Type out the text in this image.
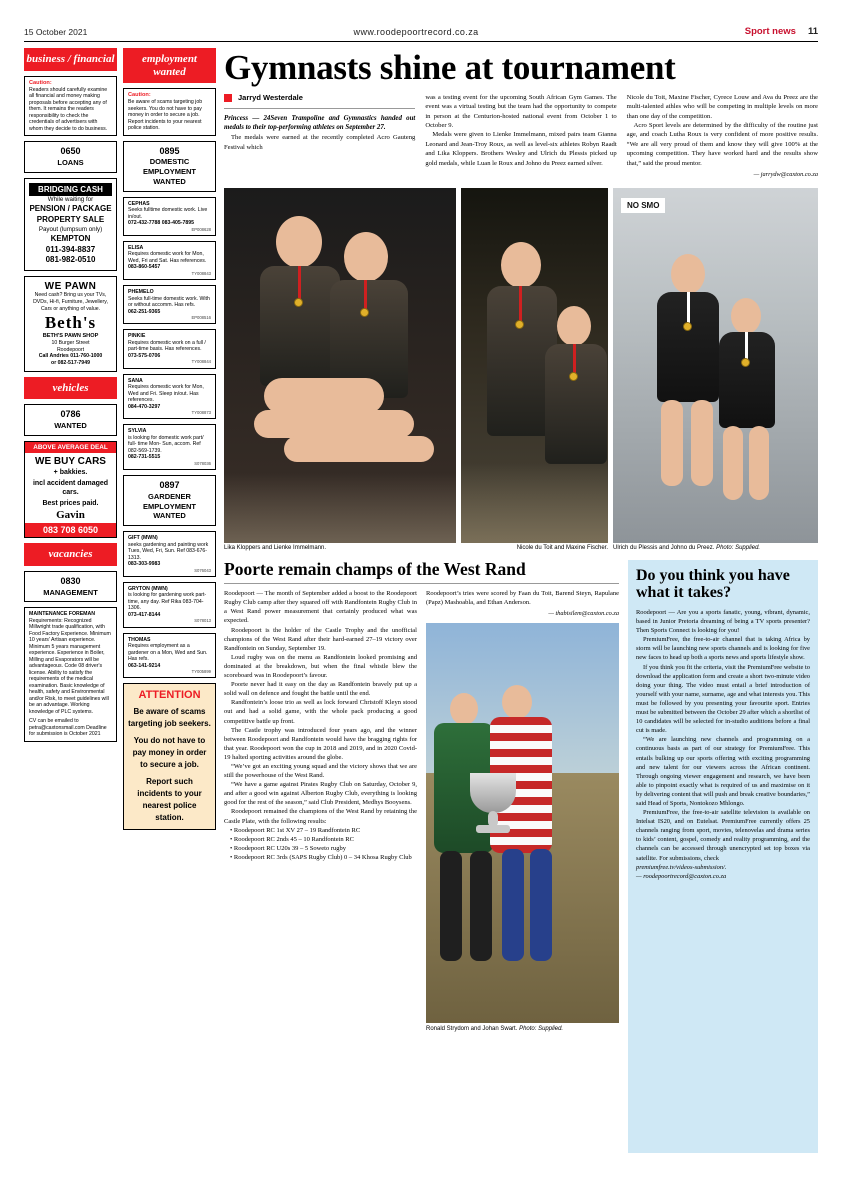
15 October 2021	www.roodepoortrecord.co.za	Sport news 11
business / financial
Caution:
Readers should carefully examine all financial and money making proposals before accepting any of them. It remains the readers responsibility to check the credentials of advertisers with whom they decide to do business.
0650
LOANS
BRIDGING CASH
While waiting for
PENSION / PACKAGE PROPERTY SALE
Payout (lumpsum only)
KEMPTON
011-394-8837
081-982-0510
WE PAWN
Need cash? Bring us your TVs, DVDs, Hi-fi, Furniture, Jewellery, Cars or anything of value.
Beth's
BETH'S PAWN SHOP
10 Burger Street
Roodepoort
Call Andries 011-760-1000
or 082-517-7949
vehicles
0786
WANTED
ABOVE AVERAGE DEAL
WE BUY CARS
+ bakkies.
incl accident damaged cars.
Best prices paid.
Gavin
083 708 6050
vacancies
0830
MANAGEMENT
MAINTENANCE FOREMAN
Requirements: Recognized Millwright trade qualification, with Food Factory Experience. Minimum 10 years' Artisan experience. Minimum 5 years management experience. Experience in Boiler, Milling and Evaporators will be advantageous. Code 08 driver's license. Ability to satisfy the requirements of the medical examination. Basic knowledge of health, safety and Environmental and/or Risk, to meet guidelines will be an advantage. Working knowledge of PLC systems.
CV can be emailed to petra@caxtonsmail.com Deadline for submission is October 2021
employment wanted
Caution:
Be aware of scams targeting job seekers. You do not have to pay money in order to secure a job. Report incidents to your nearest police station.
0895
DOMESTIC EMPLOYMENT WANTED
CEPHAS
Seeks fulltime domestic work. Live in/out.
072-432-7788 083-405-7895
EP008628
ELISA
Requires domestic work for Mon, Wed, Fri and Sat. Has references.
083-860-5457
TY008843
PHEMELO
Seeks full-time domestic work. With or without accomm. Has refs.
062-251-9365
EP008516
PINKIE
Requires domestic work on a full / part-time basis. Has references.
073-575-0706
TY008844
SANA
Requires domestic work for Mon, Wed and Fri. Sleep in/out. Has references.
084-470-3297
TY008873
SYLVIA
is looking for domestic work part/ full- time Mon- Sun, accom. Ref 082-569-1739.
082-731-5515
S078036
0897
GARDENER EMPLOYMENT WANTED
GIFT (MWN)
seeks gardening and painting work Tues, Wed, Fri, Sun. Ref 083-676-1313.
083-303-9983
S076043
GRYTON (MWN)
is looking for gardening work part-time, any day. Ref Rika 083-704-1306.
073-417-8144
S078013
THOMAS
Requires employment as a gardener on a Mon, Wed and Sun. Has refs.
063-141-9214
TY005899
ATTENTION

Be aware of scams targeting job seekers.

You do not have to pay money in order to secure a job.

Report such incidents to your nearest police station.

Gymnasts shine at tournament
Jarryd Westerdale

Princess — 24Seven Trampoline and Gymnastics handed out medals to their top-performing athletes on September 27.

The medals were earned at the recently completed Acro Gauteng Festival which

was a testing event for the upcoming South African Gym Games. The event was a virtual testing but the team had the opportunity to compete in person at the Centurion-hosted national event from October 1 to October 9.

Medals were given to Lienke Immelmann, mixed pairs team Gianna Leonard and Jean-Troy Roux, as well as level-six athletes Robyn Raadt and Lika Kloppers. Brothers Wesley and Ulrich du Plessis picked up gold medals, while Luan le Roux and Johno du Preez earned silver.

Nicole du Toit, Maxine Fischer, Cyrece Louw and Ava du Preez are the multi-talented athles who will be competing in multiple levels on more than one day of the competition.

Acro Sport levels are determined by the difficulty of the routine just age, and coach Lutha Roux is very confident of more positive results. “We are all very proud of them and know they will give 100% at the upcoming competition. They have worked hard and the results show that,” said the proud mentor.

— jarrydw@caxton.co.za
NO SMO
Lika Kloppers and Lienke Immelmann.	Nicole du Toit and Maxine Fischer. Ulrich du Plessis and Johno du Preez. Photo: Supplied.
Poorte remain champs of the West Rand

Roodepoort — The month of September added a boost to the Roodepoort Rugby Club camp after they squared off with Randfontein Rugby Club in a West Rand power measurement that certainly produced what was expected.

Roodepoort is the holder of the Castle Trophy and the unofficial champions of the West Rand after their hard-earned 27–19 victory over Randfontein on Sunday, September 19.

Loud rugby was on the menu as Randfontein looked promising and dominated at the breakdown, but when the final whistle blew the scoreboard was in Roodepoort’s favour.

Poorte never had it easy on the day as Randfontein bravely put up a solid wall on defence and fought the battle until the end.

Randfontein’s loose trio as well as lock forward Christoff Kleyn stood out and had a solid game, with the whole pack producing a good competitive battle up front.

The Castle trophy was introduced four years ago, and the winner between Roodepoort and Randfontein would have the bragging rights for that year. Roodepoort won the cup in 2018 and 2019, and in 2020 Covid-19 halted sporting activities around the globe.

“We’ve got an exciting young squad and the victory shows that we are still the powerhouse of the West Rand.

“We have a game against Pirates Rugby Club on Saturday, October 9, and after a good win against Alberton Rugby Club, everything is looking good for the rest of the season,” said Club President, Medhys Booysens.

Roodepoort remained the champions of the West Rand by retaining the Castle Plate, with the following results:

• Roodepoort RC 1st XV 27 – 19 Randfontein RC

• Roodepoort RC 2nds 45 – 10 Randfontein RC

• Roodepoort RC U20s 39 – 5 Soweto rugby

• Roodepoort RC 3rds (SAPS Rugby Club) 0 – 34 Khosa Rugby Club

Roodepoort’s tries were scored by Faan du Toit, Barend Steyn, Rapulane (Papz) Mashoabla, and Ethan Anderson.

— thabisilem@caxton.co.za
Ronald Strydom and Johan Swart. Photo: Supplied.
Do you think you have what it takes?

Roodepoort — Are you a sports fanatic, young, vibrant, dynamic, based in Junior Pretoria dreaming of being a TV sports presenter? Then Sports Connect is looking for you!

PremiumFree, the free-to-air channel that is taking Africa by storm will be launching new sports channels and is looking for five new faces to head up both a sports news and sports lifestyle show.

If you think you fit the criteria, visit the PremiumFree website to download the application form and create a short two-minute video doing your thing. The video must entail a brief introduction of yourself with your name, surname, age and what interests you. This must be followed by you presenting your favourite sport. Entries must be submitted between the October 29 after which a shortlist of 10 candidates will be selected for in-studio auditions before a final cut is made.

“We are launching new channels and programming on a continuous basis as part of our strategy for PremiumFree. This entails bulking up our sports offering with exciting programming and new talent for our viewers across the African continent. Through ongoing viewer engagement and research, we have been able to pinpoint exactly what is required of us and maximise on it by delivering content that will push and break creative boundaries,” said Head of Sports, Nontokozo Mhlongo.

PremiumFree, the free-to-air satellite television is available on Intelsat IS20, and on Eutelsat. PremiumFree currently offers 25 channels ranging from sport, movies, telenovelas and drama series to kids’ content, gospel, comedy and reality programming, and the channels can be accessed through unencrypted set top boxes via satellite. For submissions, check

premiumfree.tv/videos-submission/.

— roodepoortrecord@caxton.co.za
